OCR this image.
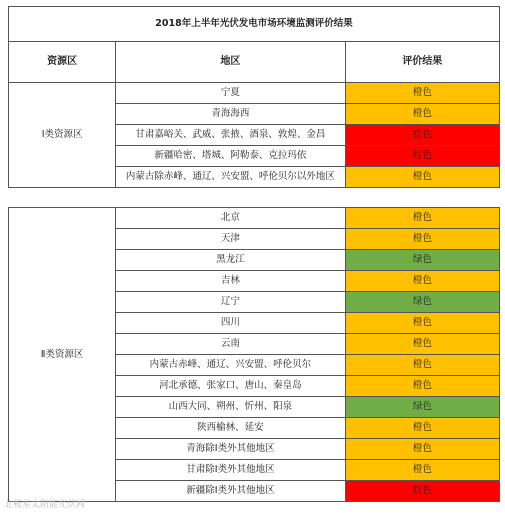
2018年上半年光伏发电市场环境监测评价结果		
资源区	地区	评价结果
Ⅰ类资源区	宁夏	橙色
	青海海西	橙色
	甘肃嘉峪关、武威、张掖、酒泉、敦煌、金昌	红色
	新疆哈密、塔城、阿勒泰、克拉玛依	红色
	内蒙古除赤峰、通辽、兴安盟、呼伦贝尔以外地区	橙色
Ⅱ类资源区	北京	橙色
	天津	橙色
	黑龙江	绿色
	吉林	橙色
	辽宁	绿色
	四川	橙色
	云南	橙色
	内蒙古赤峰、通辽、兴安盟、呼伦贝尔	橙色
	河北承德、张家口、唐山、秦皇岛	橙色
	山西大同、朔州、忻州、阳泉	绿色
	陕西榆林、延安	橙色
	青海除Ⅰ类外其他地区	橙色
	甘肃除Ⅰ类外其他地区	橙色
	新疆除Ⅰ类外其他地区	红色
北极星太阳能光伏网
